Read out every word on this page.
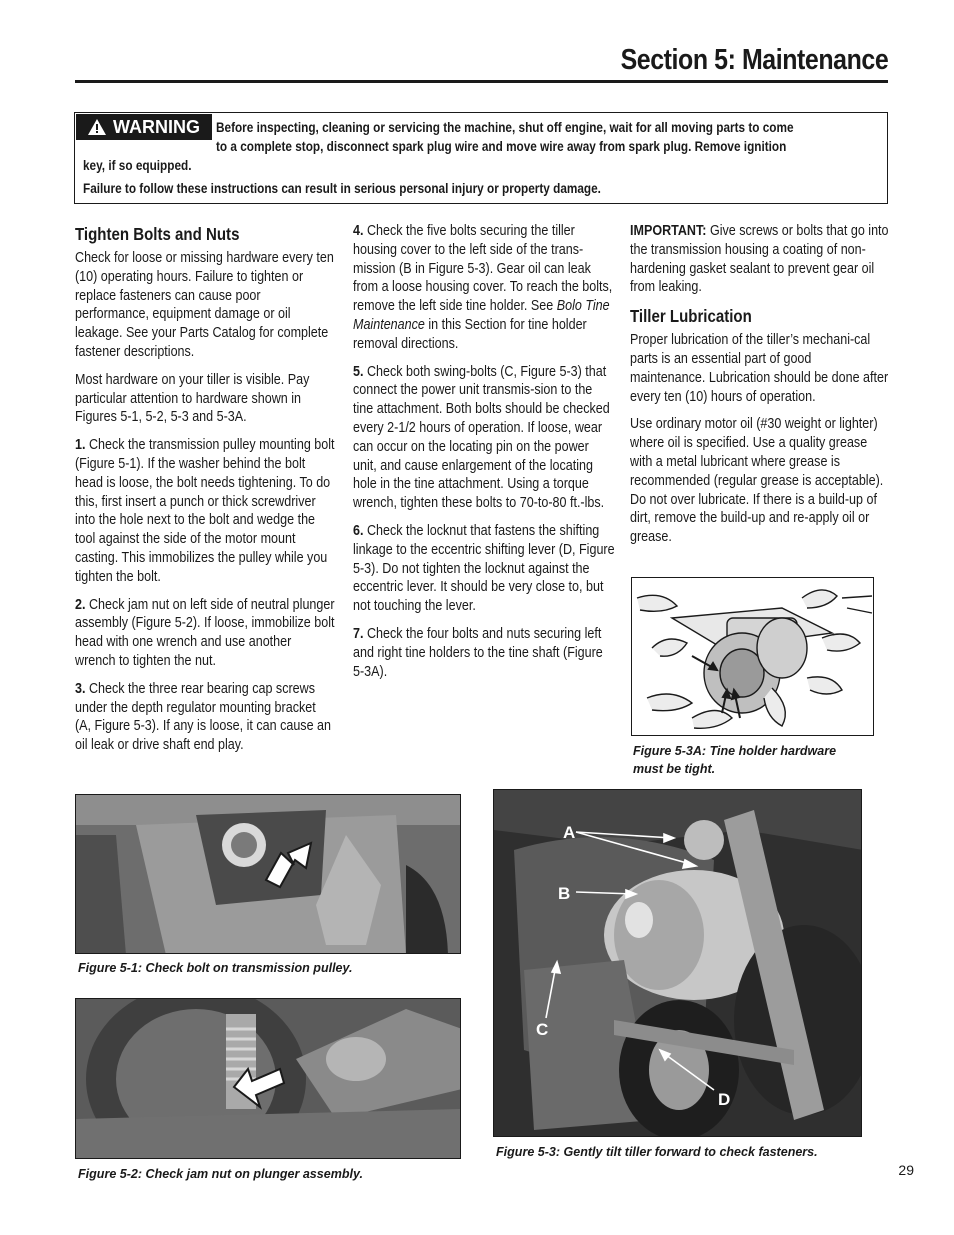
Section 5: Maintenance
WARNING Before inspecting, cleaning or servicing the machine, shut off engine, wait for all moving parts to come
to a complete stop, disconnect spark plug wire and move wire away from spark plug. Remove ignition
key, if so equipped.
Failure to follow these instructions can result in serious personal injury or property damage.
Tighten Bolts and Nuts

Check for loose or missing hardware every ten (10) operating hours. Failure to tighten or replace fasteners can cause poor performance, equipment damage or oil leakage. See your Parts Catalog for complete fastener descriptions.

Most hardware on your tiller is visible. Pay particular attention to hardware shown in Figures 5-1, 5-2, 5-3 and 5-3A.

1. Check the transmission pulley mounting bolt (Figure 5-1). If the washer behind the bolt head is loose, the bolt needs tightening. To do this, first insert a punch or thick screwdriver into the hole next to the bolt and wedge the tool against the side of the motor mount casting. This immobilizes the pulley while you tighten the bolt.

2. Check jam nut on left side of neutral plunger assembly (Figure 5-2). If loose, immobilize bolt head with one wrench and use another wrench to tighten the nut.

3. Check the three rear bearing cap screws under the depth regulator mounting bracket (A, Figure 5-3). If any is loose, it can cause an oil leak or drive shaft end play.

4. Check the five bolts securing the tiller housing cover to the left side of the trans-mission (B in Figure 5-3). Gear oil can leak from a loose housing cover. To reach the bolts, remove the left side tine holder. See Bolo Tine Maintenance in this Section for tine holder removal directions.

5. Check both swing-bolts (C, Figure 5-3) that connect the power unit transmis-sion to the tine attachment. Both bolts should be checked every 2-1/2 hours of operation. If loose, wear can occur on the locating pin on the power unit, and cause enlargement of the locating hole in the tine attachment. Using a torque wrench, tighten these bolts to 70-to-80 ft.-lbs.

6. Check the locknut that fastens the shifting linkage to the eccentric shifting lever (D, Figure 5-3). Do not tighten the locknut against the eccentric lever. It should be very close to, but not touching the lever.

7. Check the four bolts and nuts securing left and right tine holders to the tine shaft (Figure 5-3A).

IMPORTANT: Give screws or bolts that go into the transmission housing a coating of non-hardening gasket sealant to prevent gear oil from leaking.

Tiller Lubrication

Proper lubrication of the tiller’s mechani-cal parts is an essential part of good maintenance. Lubrication should be done after every ten (10) hours of operation.

Use ordinary motor oil (#30 weight or lighter) where oil is specified. Use a quality grease with a metal lubricant where grease is recommended (regular grease is acceptable). Do not over lubricate. If there is a build-up of dirt, remove the build-up and re-apply oil or grease.

Figure 5-3A: Tine holder hardware
must be tight.
Figure 5-1: Check bolt on transmission pulley.
Figure 5-2: Check jam nut on plunger assembly.
A
B
C
D
Figure 5-3: Gently tilt tiller forward to check fasteners.
29
